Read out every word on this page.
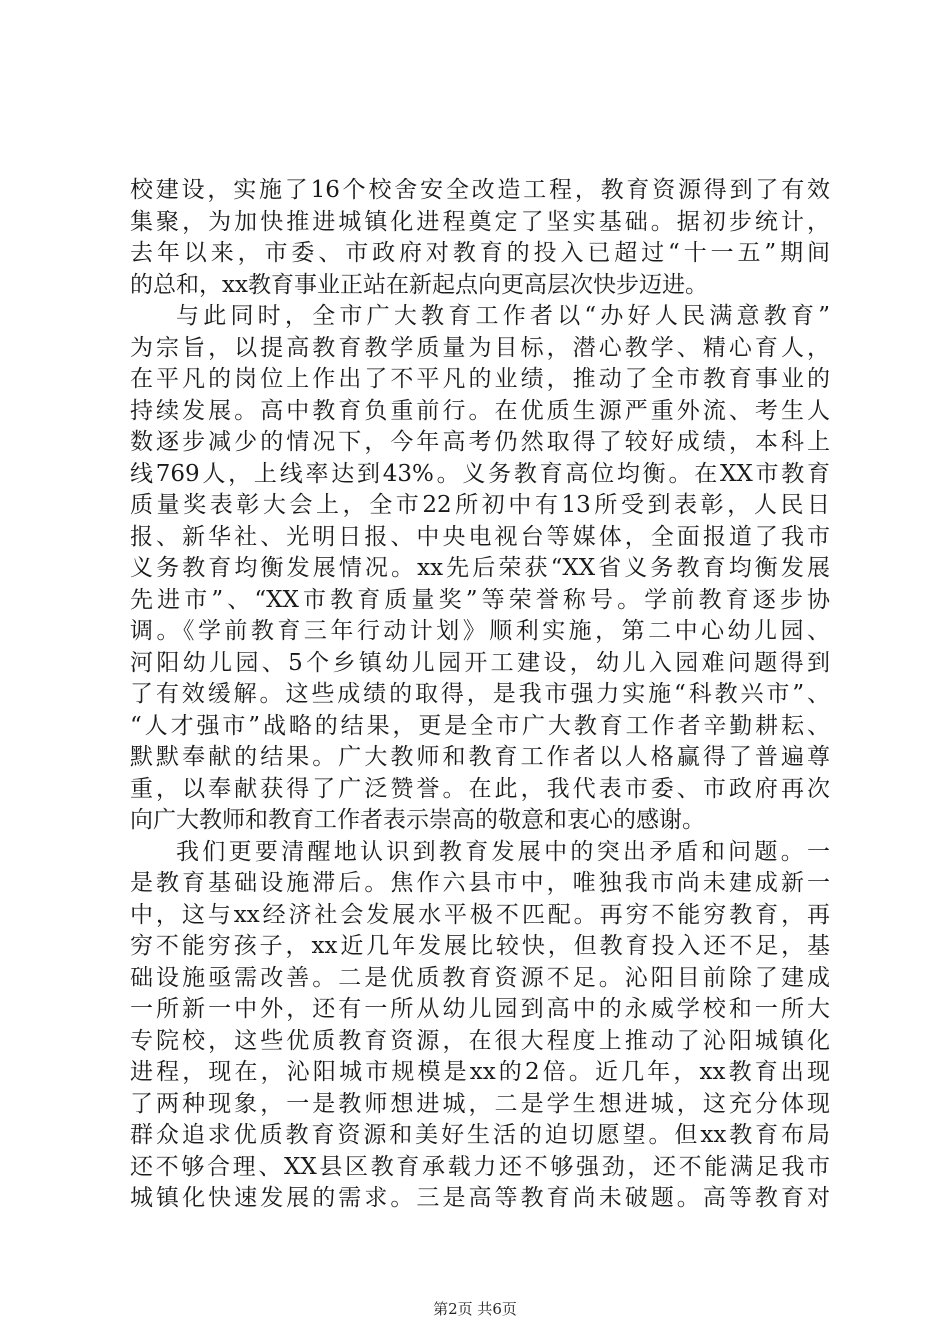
校建设，实施了16个校舍安全改造工程，教育资源得到了有效
集聚，为加快推进城镇化进程奠定了坚实基础。据初步统计，
去年以来，市委、市政府对教育的投入已超过“十一五”期间
的总和，xx教育事业正站在新起点向更高层次快步迈进。
与此同时，全市广大教育工作者以“办好人民满意教育”
为宗旨，以提高教育教学质量为目标，潜心教学、精心育人，
在平凡的岗位上作出了不平凡的业绩，推动了全市教育事业的
持续发展。高中教育负重前行。在优质生源严重外流、考生人
数逐步减少的情况下，今年高考仍然取得了较好成绩，本科上
线769人，上线率达到43%。义务教育高位均衡。在XX市教育
质量奖表彰大会上，全市22所初中有13所受到表彰，人民日
报、新华社、光明日报、中央电视台等媒体，全面报道了我市
义务教育均衡发展情况。xx先后荣获“XX省义务教育均衡发展
先进市”、“XX市教育质量奖”等荣誉称号。学前教育逐步协
调。《学前教育三年行动计划》顺利实施，第二中心幼儿园、
河阳幼儿园、5个乡镇幼儿园开工建设，幼儿入园难问题得到
了有效缓解。这些成绩的取得，是我市强力实施“科教兴市”、
“人才强市”战略的结果，更是全市广大教育工作者辛勤耕耘、
默默奉献的结果。广大教师和教育工作者以人格赢得了普遍尊
重，以奉献获得了广泛赞誉。在此，我代表市委、市政府再次
向广大教师和教育工作者表示崇高的敬意和衷心的感谢。
我们更要清醒地认识到教育发展中的突出矛盾和问题。一
是教育基础设施滞后。焦作六县市中，唯独我市尚未建成新一
中，这与xx经济社会发展水平极不匹配。再穷不能穷教育，再
穷不能穷孩子，xx近几年发展比较快，但教育投入还不足，基
础设施亟需改善。二是优质教育资源不足。沁阳目前除了建成
一所新一中外，还有一所从幼儿园到高中的永威学校和一所大
专院校，这些优质教育资源，在很大程度上推动了沁阳城镇化
进程，现在，沁阳城市规模是xx的2倍。近几年，xx教育出现
了两种现象，一是教师想进城，二是学生想进城，这充分体现
群众追求优质教育资源和美好生活的迫切愿望。但xx教育布局
还不够合理、XX县区教育承载力还不够强劲，还不能满足我市
城镇化快速发展的需求。三是高等教育尚未破题。高等教育对
第2页 共6页
